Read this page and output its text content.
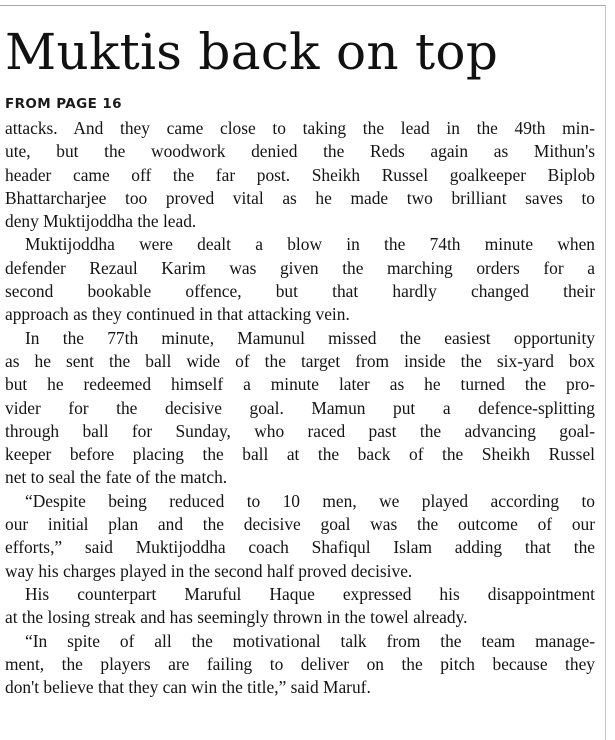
Muktis back on top
FROM PAGE 16
attacks. And they came close to taking the lead in the 49th min-
ute, but the woodwork denied the Reds again as Mithun's
header came off the far post. Sheikh Russel goalkeeper Biplob
Bhattarcharjee too proved vital as he made two brilliant saves to
deny Muktijoddha the lead.
Muktijoddha were dealt a blow in the 74th minute when
defender Rezaul Karim was given the marching orders for a
second bookable offence, but that hardly changed their
approach as they continued in that attacking vein.
In the 77th minute, Mamunul missed the easiest opportunity
as he sent the ball wide of the target from inside the six-yard box
but he redeemed himself a minute later as he turned the pro-
vider for the decisive goal. Mamun put a defence-splitting
through ball for Sunday, who raced past the advancing goal-
keeper before placing the ball at the back of the Sheikh Russel
net to seal the fate of the match.
“Despite being reduced to 10 men, we played according to
our initial plan and the decisive goal was the outcome of our
efforts,” said Muktijoddha coach Shafiqul Islam adding that the
way his charges played in the second half proved decisive.
His counterpart Maruful Haque expressed his disappointment
at the losing streak and has seemingly thrown in the towel already.
“In spite of all the motivational talk from the team manage-
ment, the players are failing to deliver on the pitch because they
don't believe that they can win the title,” said Maruf.
